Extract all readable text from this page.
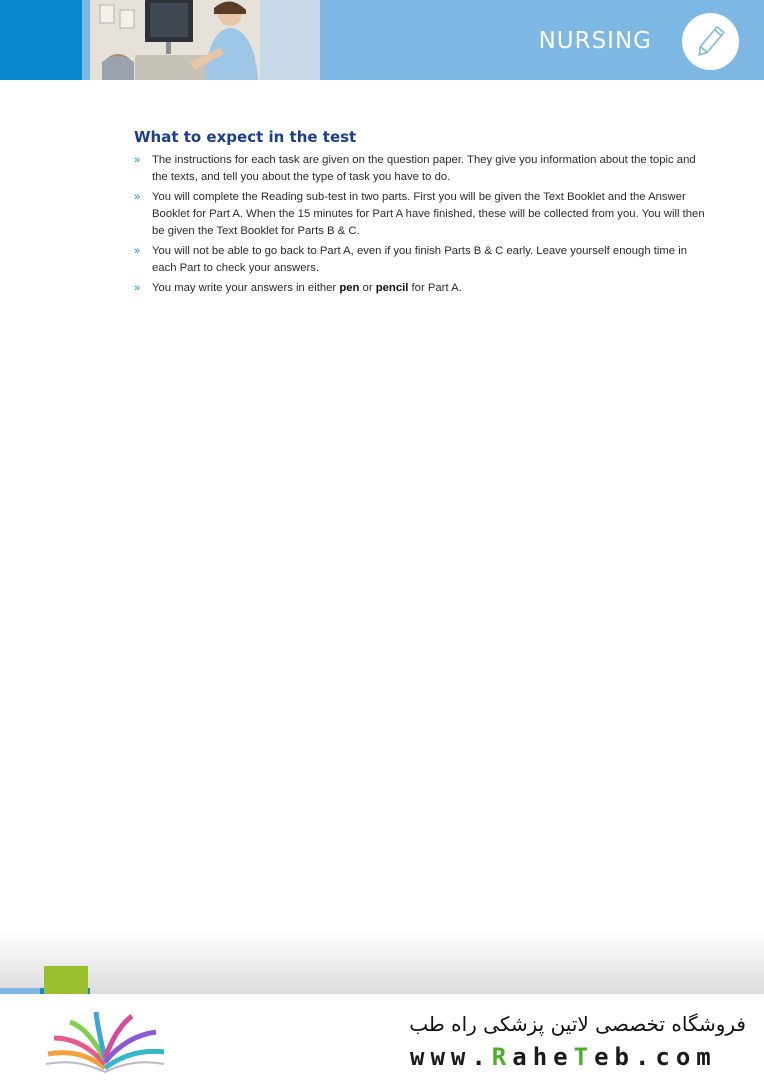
NURSING
What to expect in the test
» The instructions for each task are given on the question paper. They give you information about the topic and the texts, and tell you about the type of task you have to do.
» You will complete the Reading sub-test in two parts. First you will be given the Text Booklet and the Answer Booklet for Part A. When the 15 minutes for Part A have finished, these will be collected from you. You will then be given the Text Booklet for Parts B & C.
» You will not be able to go back to Part A, even if you finish Parts B & C early. Leave yourself enough time in each Part to check your answers.
» You may write your answers in either pen or pencil for Part A.
فروشگاه تخصصی لاتین پزشکی راه طب
www.RaheTeb.com
